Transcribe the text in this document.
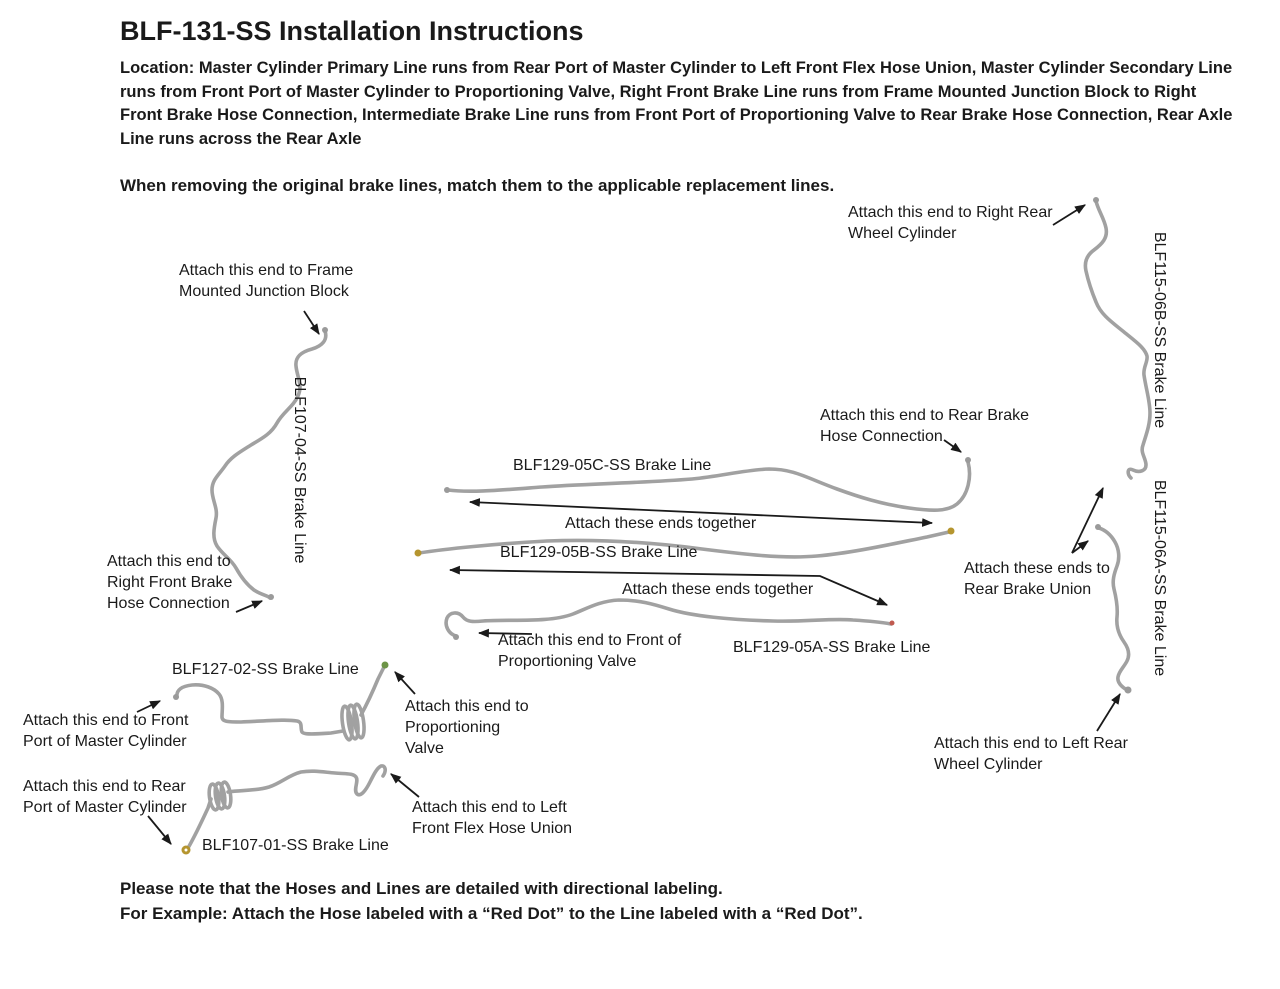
BLF-131-SS Installation Instructions
Location: Master Cylinder Primary Line runs from Rear Port of Master Cylinder to Left Front Flex Hose Union, Master Cylinder Secondary Line runs from Front Port of Master Cylinder to Proportioning Valve, Right Front Brake Line runs from Frame Mounted Junction Block to Right Front Brake Hose Connection, Intermediate Brake Line runs from Front Port of Proportioning Valve to Rear Brake Hose Connection, Rear Axle Line runs across the Rear Axle
When removing the original brake lines, match them to the applicable replacement lines.
Attach this end to Right Rear Wheel Cylinder
Attach this end to Frame Mounted Junction Block
Attach this end to Right Front Brake Hose Connection
Attach this end to Rear Brake Hose Connection
Attach these ends together
Attach these ends together
Attach these ends to Rear Brake Union
Attach this end to Front of Proportioning Valve
Attach this end to Front Port of Master Cylinder
Attach this end to Proportioning Valve
Attach this end to Rear Port of Master Cylinder	Attach this end to Left Front Flex Hose Union
Attach this end to Left Rear Wheel Cylinder
BLF129-05C-SS Brake Line
BLF129-05B-SS Brake Line
BLF129-05A-SS Brake Line
BLF127-02-SS Brake Line
BLF107-01-SS Brake Line
BLF107-04-SS Brake Line
BLF115-06B-SS Brake Line
BLF115-06A-SS Brake Line
Please note that the Hoses and Lines are detailed with directional labeling.
For Example: Attach the Hose labeled with a “Red Dot” to the Line labeled with a “Red Dot”.
